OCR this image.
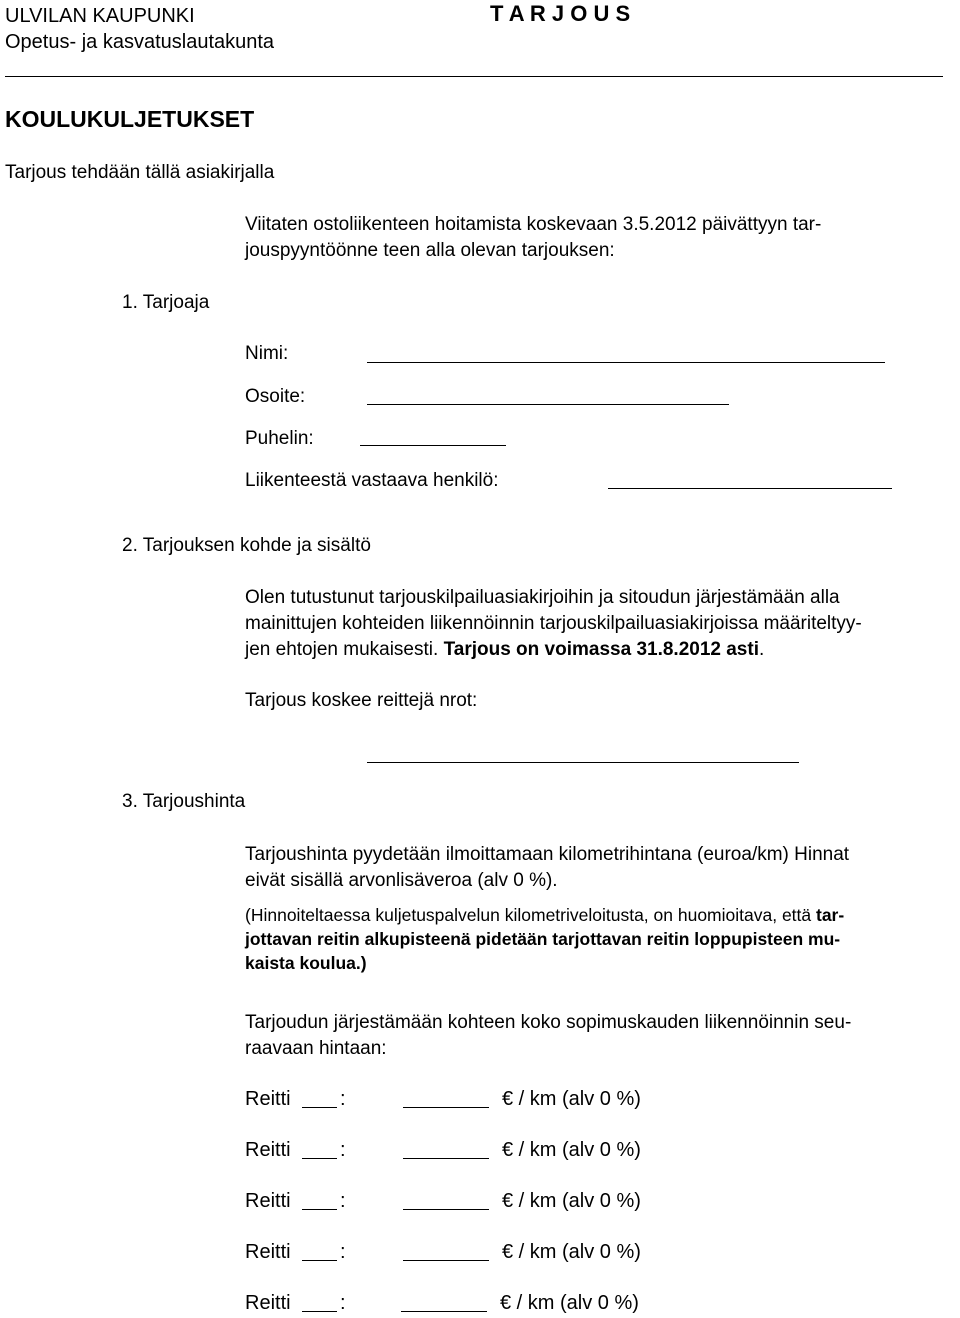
ULVILAN KAUPUNKI
Opetus- ja kasvatuslautakunta
T A R J O U S
KOULUKULJETUKSET
Tarjous tehdään tällä asiakirjalla
Viitaten ostoliikenteen hoitamista koskevaan 3.5.2012 päivättyyn tar-
jouspyyntöönne teen alla olevan tarjouksen:
1. Tarjoaja
Nimi:
Osoite:
Puhelin:
Liikenteestä vastaava henkilö:
2. Tarjouksen kohde ja sisältö
Olen tutustunut tarjouskilpailuasiakirjoihin ja sitoudun järjestämään alla
mainittujen kohteiden liikennöinnin tarjouskilpailuasiakirjoissa määriteltyy-
jen ehtojen mukaisesti. Tarjous on voimassa 31.8.2012 asti.
Tarjous koskee reittejä nrot:
3. Tarjoushinta
Tarjoushinta pyydetään ilmoittamaan kilometrihintana (euroa/km) Hinnat
eivät sisällä arvonlisäveroa (alv 0 %).
(Hinnoiteltaessa kuljetuspalvelun kilometriveloitusta, on huomioitava, että tar-
jottavan reitin alkupisteenä pidetään tarjottavan reitin loppupisteen mu-
kaista koulua.)
Tarjoudun järjestämään kohteen koko sopimuskauden liikennöinnin seu-
raavaan hintaan:
Reitti :	€ / km (alv 0 %)
Reitti :	€ / km (alv 0 %)
Reitti :	€ / km (alv 0 %)
Reitti :	€ / km (alv 0 %)
Reitti :	€ / km (alv 0 %)
